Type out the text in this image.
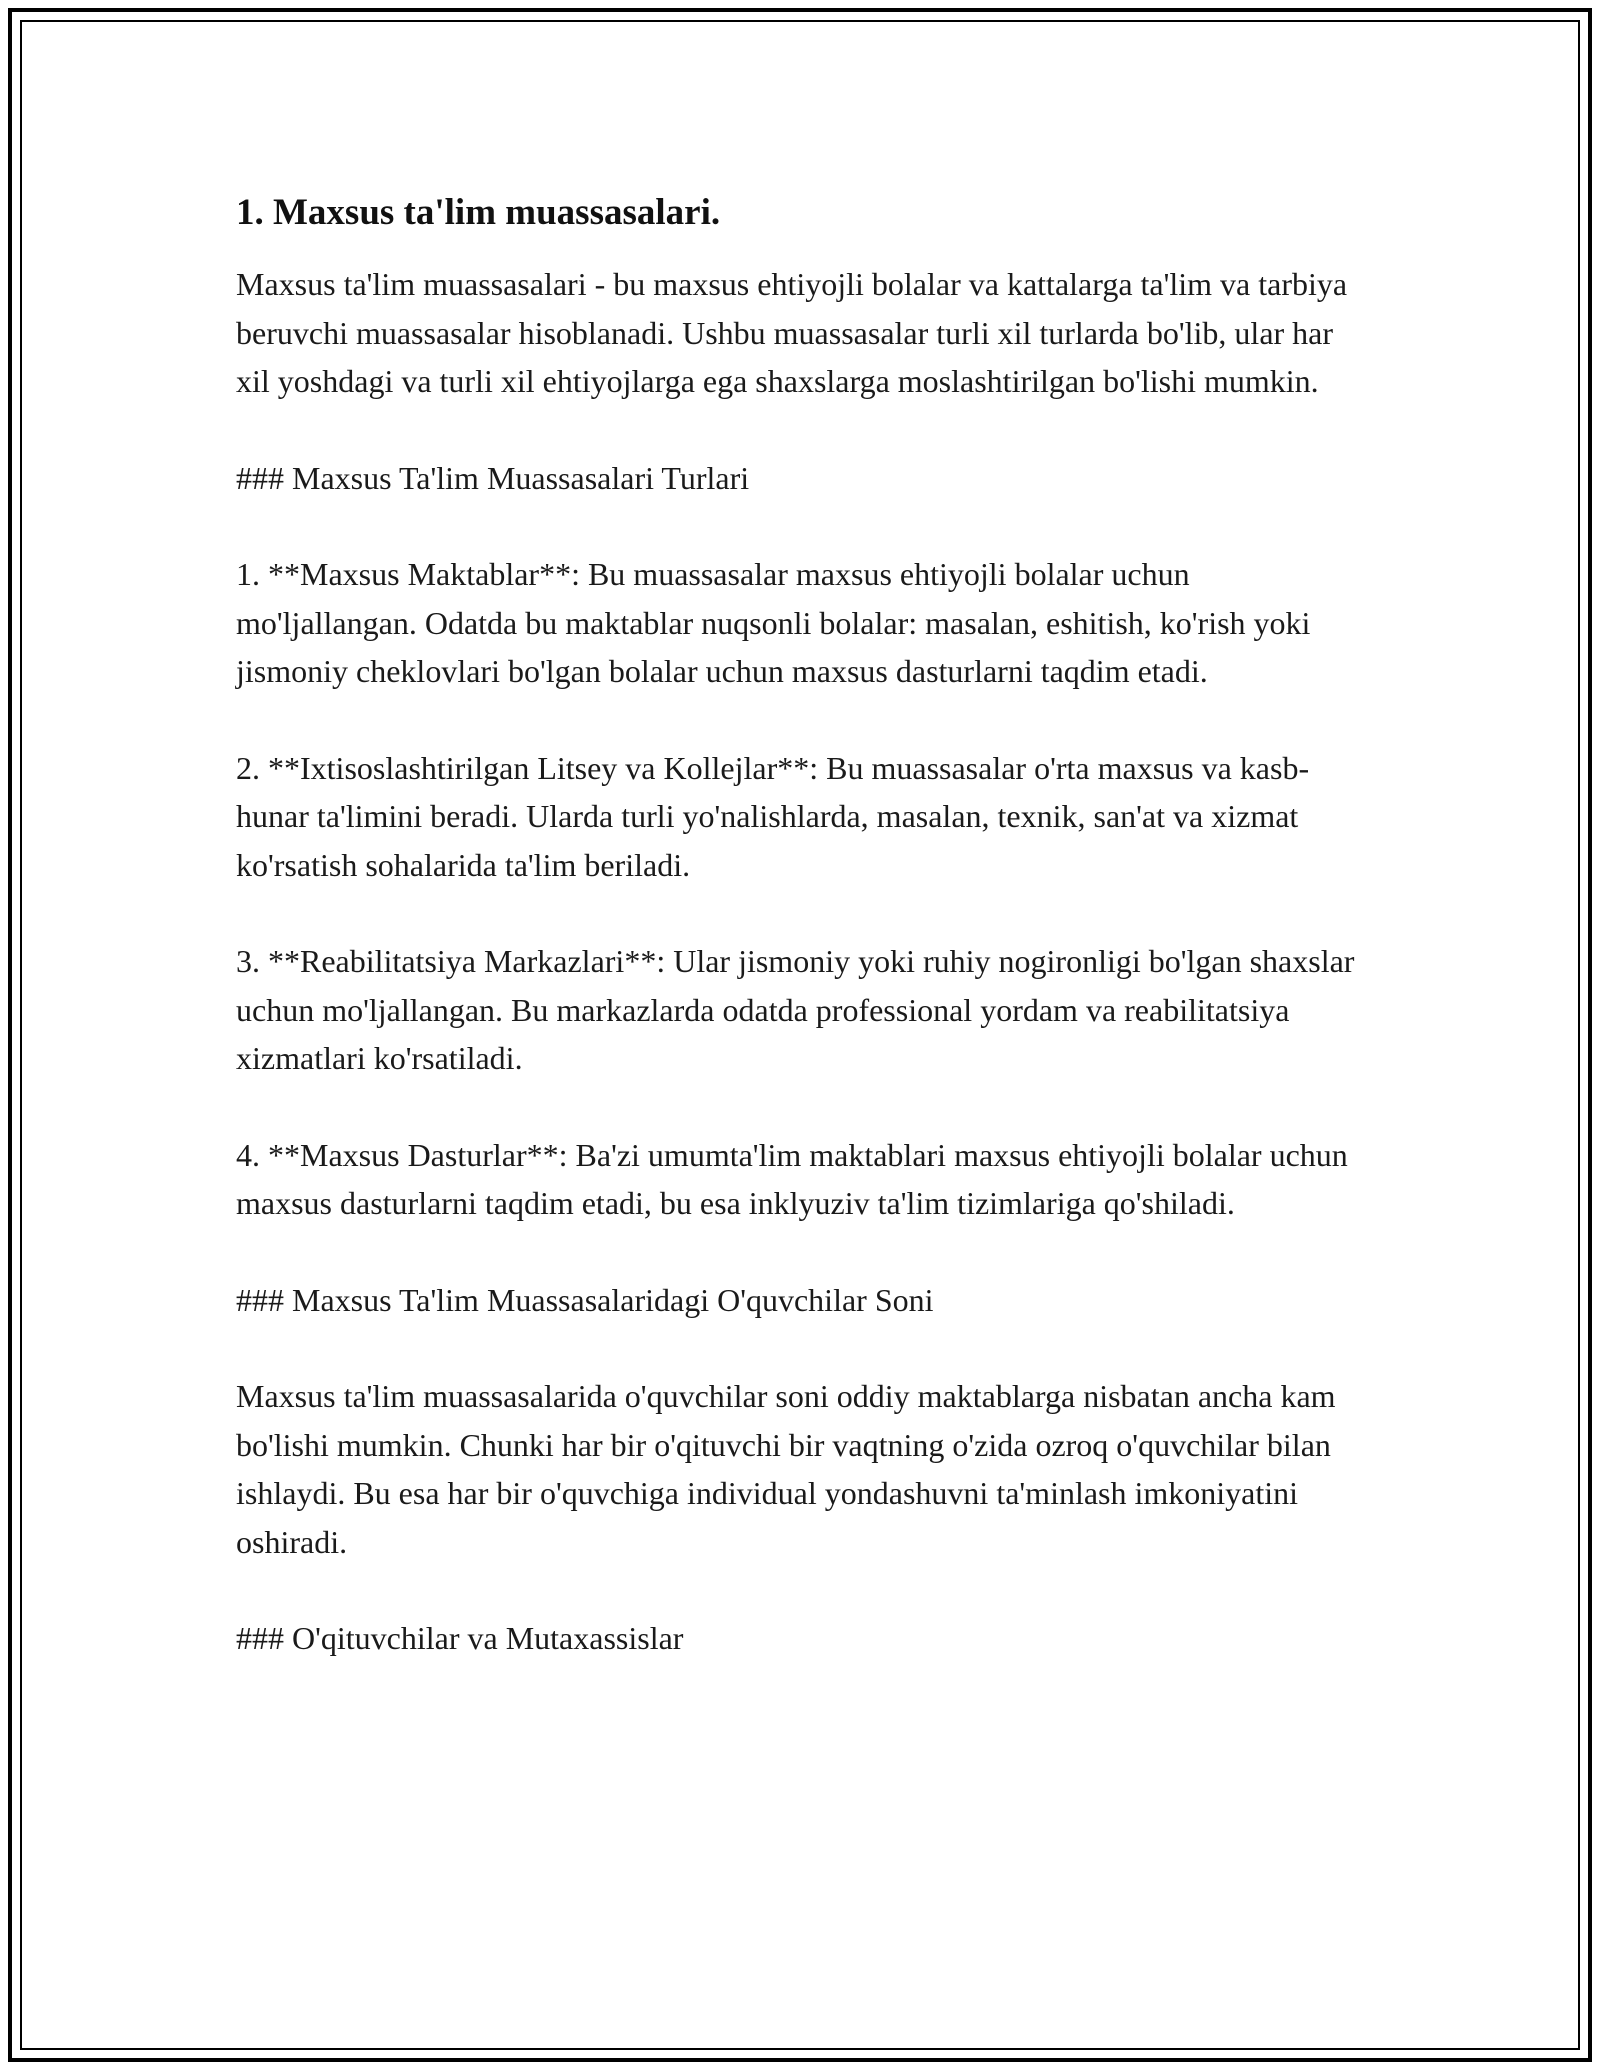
1. Maxsus ta'lim muassasalari.

Maxsus ta'lim muassasalari - bu maxsus ehtiyojli bolalar va kattalarga ta'lim va tarbiya beruvchi muassasalar hisoblanadi. Ushbu muassasalar turli xil turlarda bo'lib, ular har xil yoshdagi va turli xil ehtiyojlarga ega shaxslarga moslashtirilgan bo'lishi mumkin.

### Maxsus Ta'lim Muassasalari Turlari

1. **Maxsus Maktablar**: Bu muassasalar maxsus ehtiyojli bolalar uchun mo'ljallangan. Odatda bu maktablar nuqsonli bolalar: masalan, eshitish, ko'rish yoki jismoniy cheklovlari bo'lgan bolalar uchun maxsus dasturlarni taqdim etadi.

2. **Ixtisoslashtirilgan Litsey va Kollejlar**: Bu muassasalar o'rta maxsus va kasb-hunar ta'limini beradi. Ularda turli yo'nalishlarda, masalan, texnik, san'at va xizmat ko'rsatish sohalarida ta'lim beriladi.

3. **Reabilitatsiya Markazlari**: Ular jismoniy yoki ruhiy nogironligi bo'lgan shaxslar uchun mo'ljallangan. Bu markazlarda odatda professional yordam va reabilitatsiya xizmatlari ko'rsatiladi.

4. **Maxsus Dasturlar**: Ba'zi umumta'lim maktablari maxsus ehtiyojli bolalar uchun maxsus dasturlarni taqdim etadi, bu esa inklyuziv ta'lim tizimlariga qo'shiladi.

### Maxsus Ta'lim Muassasalaridagi O'quvchilar Soni

Maxsus ta'lim muassasalarida o'quvchilar soni oddiy maktablarga nisbatan ancha kam bo'lishi mumkin. Chunki har bir o'qituvchi bir vaqtning o'zida ozroq o'quvchilar bilan ishlaydi. Bu esa har bir o'quvchiga individual yondashuvni ta'minlash imkoniyatini oshiradi.

### O'qituvchilar va Mutaxassislar
